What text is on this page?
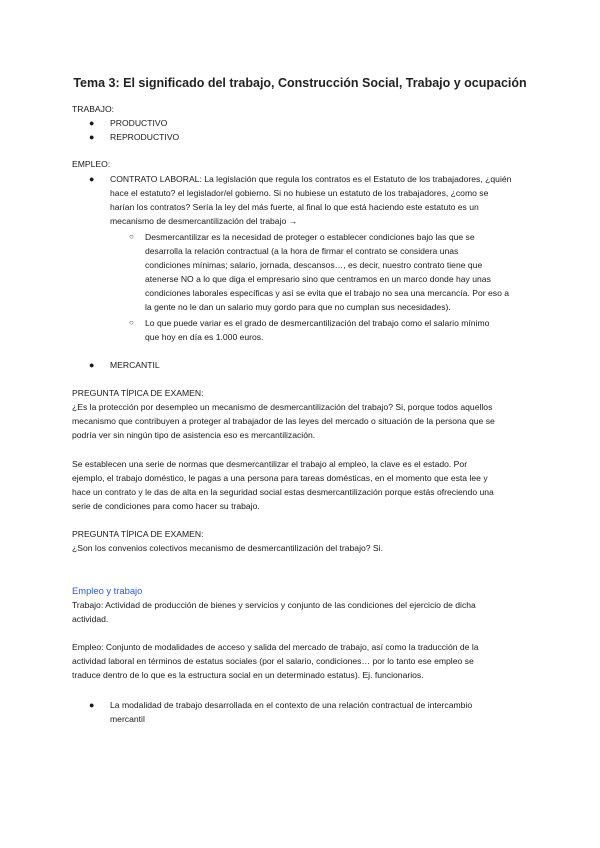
Tema 3: El significado del trabajo, Construcción Social, Trabajo y ocupación
TRABAJO:
● PRODUCTIVO
● REPRODUCTIVO
EMPLEO:
● CONTRATO LABORAL: La legislación que regula los contratos es el Estatuto de los trabajadores, ¿quién
hace el estatuto? el legislador/el gobierno. Si no hubiese un estatuto de los trabajadores, ¿como se
harían los contratos? Sería la ley del más fuerte, al final lo que está haciendo este estatuto es un
mecanismo de desmercantilización del trabajo →
○ Desmercantilizar es la necesidad de proteger o establecer condiciones bajo las que se
desarrolla la relación contractual (a la hora de firmar el contrato se considera unas
condiciones mínimas; salario, jornada, descansos…, es decir, nuestro contrato tiene que
atenerse NO a lo que diga el empresario sino que centramos en un marco donde hay unas
condiciones laborales específicas y así se evita que el trabajo no sea una mercancía. Por eso a
la gente no le dan un salario muy gordo para que no cumplan sus necesidades).
○ Lo que puede variar es el grado de desmercantilización del trabajo como el salario mínimo
que hoy en día es 1.000 euros.
● MERCANTIL
PREGUNTA TÍPICA DE EXAMEN:
¿Es la protección por desempleo un mecanismo de desmercantilización del trabajo? Si, porque todos aquellos
mecanismo que contribuyen a proteger al trabajador de las leyes del mercado o situación de la persona que se
podría ver sin ningún tipo de asistencia eso es mercantilización.
Se establecen una serie de normas que desmercantilizar el trabajo al empleo, la clave es el estado. Por
ejemplo, el trabajo doméstico, le pagas a una persona para tareas domésticas, en el momento que esta lee y
hace un contrato y le das de alta en la seguridad social estas desmercantilización porque estás ofreciendo una
serie de condiciones para como hacer su trabajo.
PREGUNTA TÍPICA DE EXAMEN:
¿Son los convenios colectivos mecanismo de desmercantilización del trabajo? Si.
Empleo y trabajo
Trabajo: Actividad de producción de bienes y servicios y conjunto de las condiciones del ejercicio de dicha
actividad.
Empleo: Conjunto de modalidades de acceso y salida del mercado de trabajo, así como la traducción de la
actividad laboral en términos de estatus sociales (por el salario, condiciones… por lo tanto ese empleo se
traduce dentro de lo que es la estructura social en un determinado estatus). Ej. funcionarios.
● La modalidad de trabajo desarrollada en el contexto de una relación contractual de intercambio
mercantil
